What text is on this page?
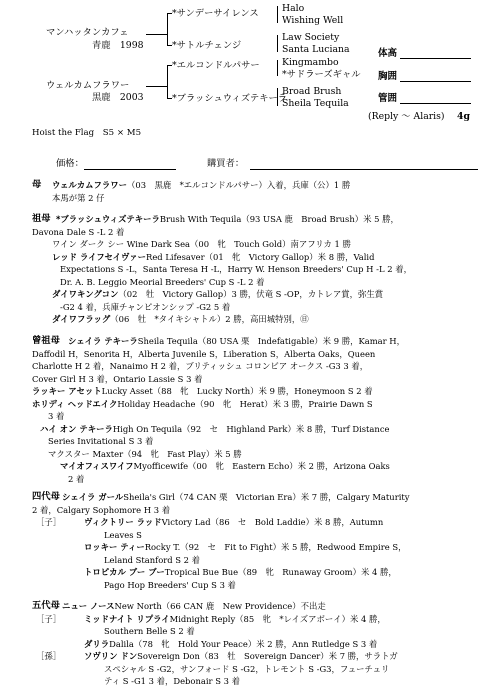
マンハッタンカフェ
青鹿　1998
ウェルカムフラワー
黒鹿　2003
*サンデーサイレンス
*サトルチェンジ
*エルコンドルパサー
*ブラッシュウィズテキーラ
Halo
Wishing Well
Law Society
Santa Luciana
Kingmambo
*サドラーズギャル
Broad Brush
Sheila Tequila
体高
胸囲
管囲
(Reply ～ Alaris) 4g
Hoist the Flag　S5 × M5
価格：	購買者：
母	ウェルカムフラワー（03　黒鹿　*エルコンドルパサー）入着，兵庫（公）1 勝
本馬が第 2 仔
祖母 *ブラッシュウィズテキーラBrush With Tequila（93 USA 鹿　Broad Brush）米 5 勝，
Davona Dale S -L 2 着
ワイン ダーク シー Wine Dark Sea（00　牝　Touch Gold）南アフリカ 1 勝
レッド ライフセイヴァーRed Lifesaver（01　牝　Victory Gallop）米 8 勝，Valid
Expectations S -L，Santa Teresa H -L，Harry W. Henson Breeders' Cup H -L 2 着，
Dr. A. B. Leggio Meorial Breeders' Cup S -L 2 着
ダイワキングコン（02　牡　Victory Gallop）3 勝，伏竜 S -OP，カトレア賞，弥生賞
-G2 4 着，兵庫チャンピオンシップ -G2 5 着
ダイワフラッグ（06　牡　*タイキシャトル）2 勝，高田城特別，㊐
曾祖母 シェイラ テキーラSheila Tequila（80 USA 栗　Indefatigable）米 9 勝，Kamar H，
Daffodil H，Senorita H，Alberta Juvenile S，Liberation S，Alberta Oaks，Queen
Charlotte H 2 着，Nanaimo H 2 着，ブリティッシュ コロンビア オークス -G3 3 着，
Cover Girl H 3 着，Ontario Lassie S 3 着
ラッキー アセットLucky Asset（88　牝　Lucky North）米 9 勝，Honeymoon S 2 着
ホリディ ヘッドエイクHoliday Headache（90　牝　Herat）米 3 勝，Prairie Dawn S
3 着
ハイ オン テキーラHigh On Tequila（92　セ　Highland Park）米 8 勝，Turf Distance
Series Invitational S 3 着
マクスター Maxter（94　牝　Fast Play）米 5 勝
マイオフィスワイフMyofficewife（00　牝　Eastern Echo）米 2 勝，Arizona Oaks
2 着
四代母 シェイラ ガールSheila's Girl（74 CAN 栗　Victorian Era）米 7 勝，Calgary Maturity
2 着，Calgary Sophomore H 3 着
［子］	ヴィクトリー ラッドVictory Lad（86　セ　Bold Laddie）米 8 勝，Autumn
Leaves S
ロッキー ティーRocky T.（92　セ　Fit to Fight）米 5 勝，Redwood Empire S，
Leland Stanford S 2 着
トロピカル ブー ブーTropical Bue Bue（89　牝　Runaway Groom）米 4 勝，
Pago Hop Breeders' Cup S 3 着
五代母 ニュー ノースNew North（66 CAN 鹿　New Providence）不出走
［子］	ミッドナイト リプライMidnight Reply（85　牝　*レイズアボーイ）米 4 勝，
Southern Belle S 2 着
ダリラDalila（78　牝　Hold Your Peace）米 2 勝，Ann Rutledge S 3 着
［孫］	ソヴリン ドンSovereign Don（83　牡　Sovereign Dancer）米 7 勝，サラトガ
スペシャル S -G2，サンフォード S -G2，トレモント S -G3，フューチュリ
ティ S -G1 3 着，Debonair S 3 着
